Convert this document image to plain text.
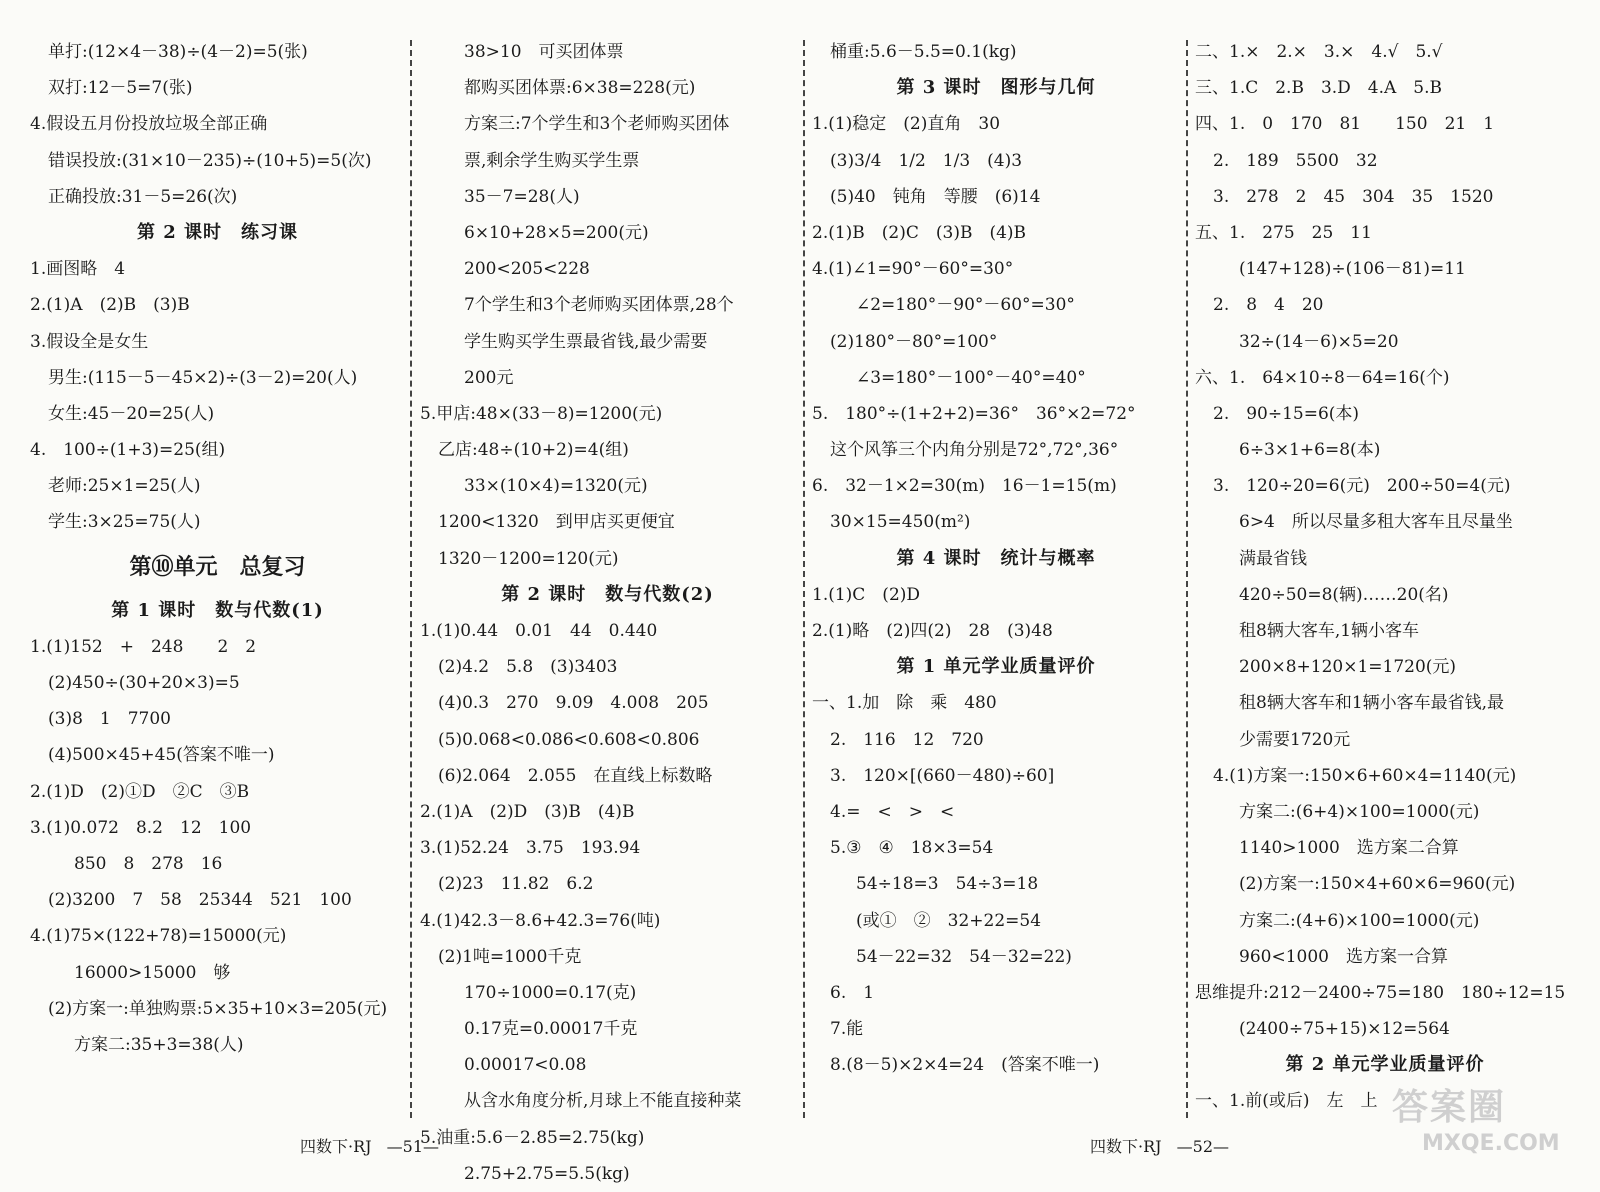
单打:(12×4－38)÷(4－2)=5(张)
双打:12－5=7(张)
4.假设五月份投放垃圾全部正确
错误投放:(31×10－235)÷(10+5)=5(次)
正确投放:31－5=26(次)
第 2 课时　练习课
1.画图略　4
2.(1)A　(2)B　(3)B
3.假设全是女生
男生:(115－5－45×2)÷(3－2)=20(人)
女生:45－20=25(人)
4.　100÷(1+3)=25(组)
老师:25×1=25(人)
学生:3×25=75(人)
第⑩单元　总复习
第 1 课时　数与代数(1)
1.(1)152　+　248　　2　2
(2)450÷(30+20×3)=5
(3)8　1　7700
(4)500×45+45(答案不唯一)
2.(1)D　(2)①D　②C　③B
3.(1)0.072　8.2　12　100
850　8　278　16
(2)3200　7　58　25344　521　100
4.(1)75×(122+78)=15000(元)
16000>15000　够
(2)方案一:单独购票:5×35+10×3=205(元)
方案二:35+3=38(人)
38>10　可买团体票
都购买团体票:6×38=228(元)
方案三:7个学生和3个老师购买团体
票,剩余学生购买学生票
35－7=28(人)
6×10+28×5=200(元)
200<205<228
7个学生和3个老师购买团体票,28个
学生购买学生票最省钱,最少需要
200元
5.甲店:48×(33－8)=1200(元)
乙店:48÷(10+2)=4(组)
33×(10×4)=1320(元)
1200<1320　到甲店买更便宜
1320－1200=120(元)
第 2 课时　数与代数(2)
1.(1)0.44　0.01　44　0.440
(2)4.2　5.8　(3)3403
(4)0.3　270　9.09　4.008　205
(5)0.068<0.086<0.608<0.806
(6)2.064　2.055　在直线上标数略
2.(1)A　(2)D　(3)B　(4)B
3.(1)52.24　3.75　193.94
(2)23　11.82　6.2
4.(1)42.3－8.6+42.3=76(吨)
(2)1吨=1000千克
170÷1000=0.17(克)
0.17克=0.00017千克
0.00017<0.08
从含水角度分析,月球上不能直接种菜
5.油重:5.6－2.85=2.75(kg)
2.75+2.75=5.5(kg)
桶重:5.6－5.5=0.1(kg)
第 3 课时　图形与几何
1.(1)稳定　(2)直角　30
(3)3/4　1/2　1/3　(4)3
(5)40　钝角　等腰　(6)14
2.(1)B　(2)C　(3)B　(4)B
4.(1)∠1=90°－60°=30°
∠2=180°－90°－60°=30°
(2)180°－80°=100°
∠3=180°－100°－40°=40°
5.　180°÷(1+2+2)=36°　36°×2=72°
这个风筝三个内角分别是72°,72°,36°
6.　32－1×2=30(m)　16－1=15(m)
30×15=450(m²)
第 4 课时　统计与概率
1.(1)C　(2)D
2.(1)略　(2)四(2)　28　(3)48
第 1 单元学业质量评价
一、1.加　除　乘　480
2.　116　12　720
3.　120×[(660－480)÷60]
4.=　<　>　<
5.③　④　18×3=54
54÷18=3　54÷3=18
(或①　②　32+22=54
54－22=32　54－32=22)
6.　1
7.能
8.(8－5)×2×4=24　(答案不唯一)
二、1.×　2.×　3.×　4.√　5.√
三、1.C　2.B　3.D　4.A　5.B
四、1.　0　170　81　　150　21　1
2.　189　5500　32
3.　278　2　45　304　35　1520
五、1.　275　25　11
(147+128)÷(106－81)=11
2.　8　4　20
32÷(14－6)×5=20
六、1.　64×10÷8－64=16(个)
2.　90÷15=6(本)
6÷3×1+6=8(本)
3.　120÷20=6(元)　200÷50=4(元)
6>4　所以尽量多租大客车且尽量坐
满最省钱
420÷50=8(辆)……20(名)
租8辆大客车,1辆小客车
200×8+120×1=1720(元)
租8辆大客车和1辆小客车最省钱,最
少需要1720元
4.(1)方案一:150×6+60×4=1140(元)
方案二:(6+4)×100=1000(元)
1140>1000　选方案二合算
(2)方案一:150×4+60×6=960(元)
方案二:(4+6)×100=1000(元)
960<1000　选方案一合算
思维提升:212－2400÷75=180　180÷12=15
(2400÷75+15)×12=564
第 2 单元学业质量评价
一、1.前(或后)　左　上
四数下·RJ —51—	四数下·RJ —52—
答案圈
MXQE.COM
